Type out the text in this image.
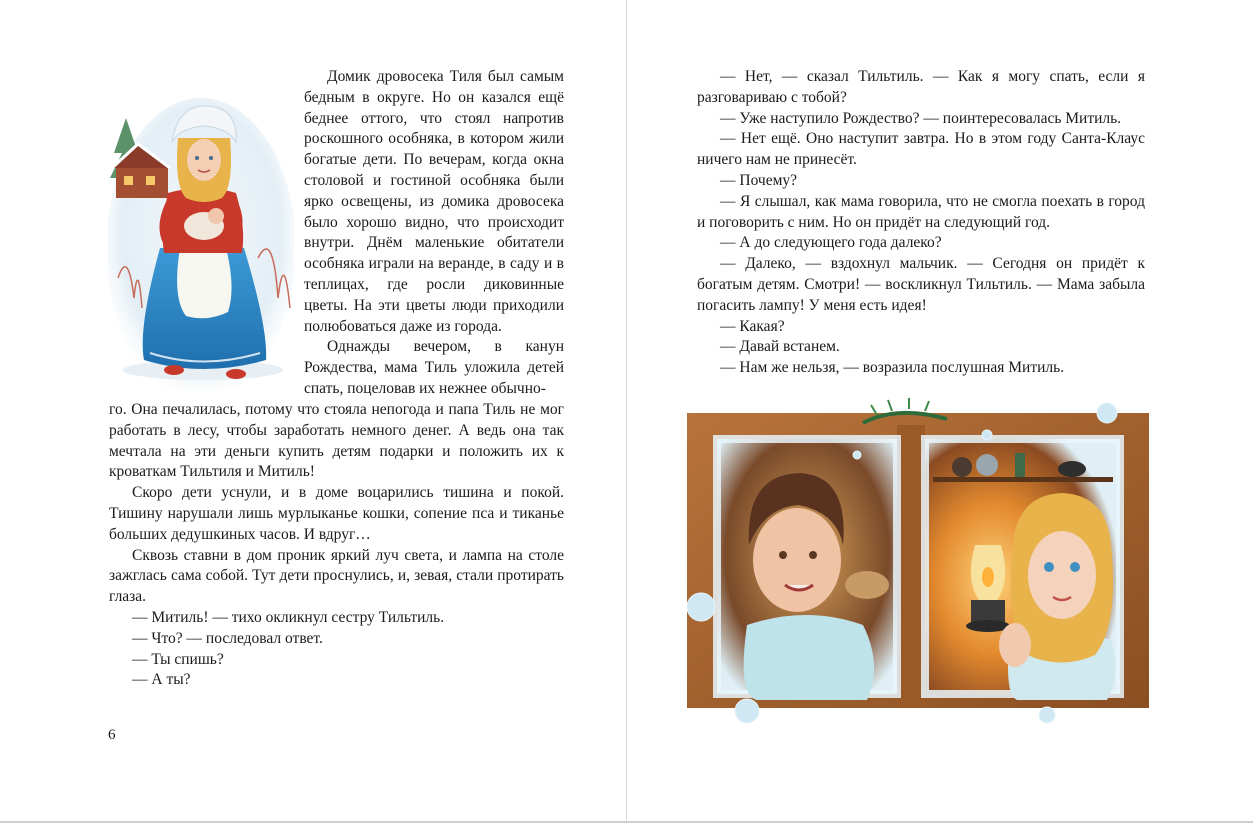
Домик дровосека Тиля был самым бедным в округе. Но он казался ещё беднее оттого, что стоял напротив роскошного особняка, в котором жили богатые дети. По вечерам, когда окна столовой и гостиной особняка были ярко освещены, из домика дровосека было хорошо видно, что происходит внутри. Днём маленькие обитатели особняка играли на веранде, в саду и в теплицах, где росли диковинные цветы. На эти цветы люди приходили полюбоваться даже из города.

Однажды вечером, в канун Рождества, мама Тиль уложила детей спать, поцеловав их нежнее обычно-

го. Она печалилась, потому что стояла непогода и папа Тиль не мог работать в лесу, чтобы заработать немного денег. А ведь она так мечтала на эти деньги купить детям подарки и положить их к кроваткам Тильтиля и Митиль!

Скоро дети уснули, и в доме воцарились тишина и покой. Тишину нарушали лишь мурлыканье кошки, сопение пса и тиканье больших дедушкиных часов. И вдруг…

Сквозь ставни в дом проник яркий луч света, и лампа на столе зажглась сама собой. Тут дети проснулись, и, зевая, стали протирать глаза.

— Митиль! — тихо окликнул сестру Тильтиль.

— Что? — последовал ответ.

— Ты спишь?

— А ты?

6

— Нет, — сказал Тильтиль. — Как я могу спать, если я разговариваю с тобой?

— Уже наступило Рождество? — поинтересовалась Митиль.

— Нет ещё. Оно наступит завтра. Но в этом году Санта-Клаус ничего нам не принесёт.

— Почему?

— Я слышал, как мама говорила, что не смогла поехать в город и поговорить с ним. Но он придёт на следующий год.

— А до следующего года далеко?

— Далеко, — вздохнул мальчик. — Сегодня он придёт к богатым детям. Смотри! — воскликнул Тильтиль. — Мама забыла погасить лампу! У меня есть идея!

— Какая?

— Давай встанем.

— Нам же нельзя, — возразила послушная Митиль.
